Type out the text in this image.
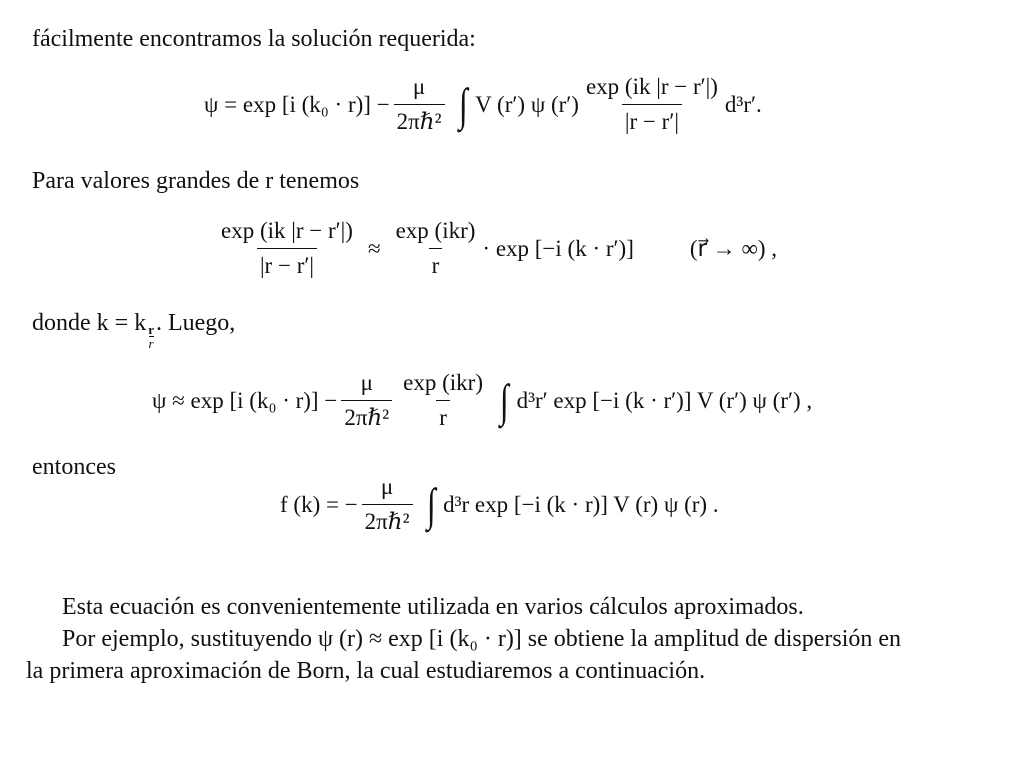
fácilmente encontramos la solución requerida:
ψ = exp [i $(k_0 \cdot r)] - \frac{\mu}{\text{2πℏ²}}$ ∫ V (r′) ψ $(r') \frac{\exp (ik |r - r'|)}{|r - r'|} d^3r'$.
Para valores grandes de r tenemos
$\frac{\exp (ik |r - r'|)}{|r - r'|} \approx \frac{\text{exp (ikr)}}{r} \cdot \exp [-i$ (k · r′)] (r⃗ → ∞) ,
donde k = k $\frac{r}{r}$ . Luego,
ψ ≈ exp [i $(k_0 \cdot r)] - \frac{\mu}{\text{2πℏ²}} \frac{\text{exp (ikr)}}{r}$ ∫ d³r′ exp [−i (k · r′)] V (r′) ψ (r′) ,
entonces
f (k) = − $\frac{\mu}{\text{2πℏ²}}$ ∫ d³r exp [−i (k · r)] V (r) ψ (r) .
Esta ecuación es convenientemente utilizada en varios cálculos aproximados.
Por ejemplo, sustituyendo ψ (r) ≈ exp [i (k₀ · r)] se obtiene la amplitud de dispersión en
la primera aproximación de Born, la cual estudiaremos a continuación.
